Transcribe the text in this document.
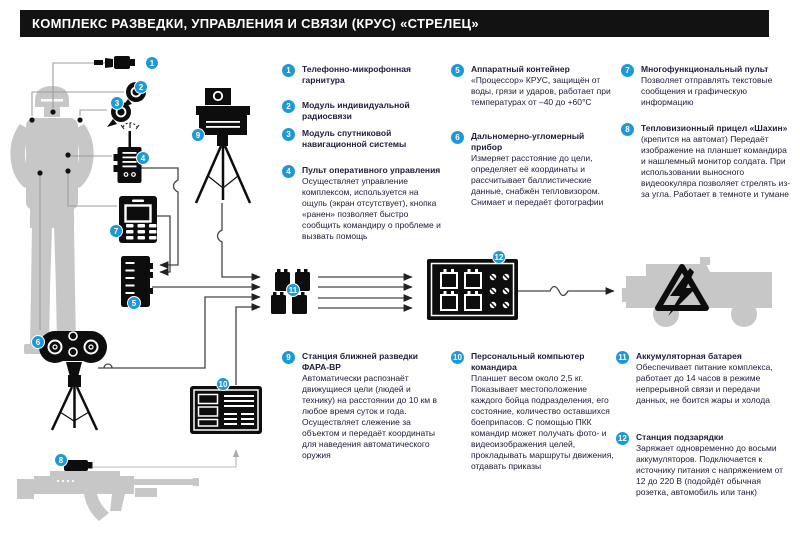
КОМПЛЕКС РАЗВЕДКИ, УПРАВЛЕНИЯ И СВЯЗИ (КРУС) «СТРЕЛЕЦ»
1
2
3
4
5
6
7
8
9
10
11
12
1	Телефонно-микрофонная гарнитура
2	Модуль индивидуальной радиосвязи
3	Модуль спутниковой навигационной системы
4	Пульт оперативного управления
Осуществляет управление комплексом, используется на ощупь (экран отсутствует), кнопка «ранен» позволяет быстро сообщить командиру о проблеме и вызвать помощь
5	Аппаратный контейнер
«Процессор» КРУС, защищён от воды, грязи и ударов, работает при температурах от –40 до +60°С
6	Дальномерно-угломерный прибор
Измеряет расстояние до цели, определяет её координаты и рассчитывает баллистические данные, снабжён тепловизором. Снимает и передаёт фотографии
7	Многофункциональный пульт
Позволяет отправлять текстовые сообщения и графическую информацию
8	Тепловизионный прицел «Шахин»
(крепится на автомат) Передаёт изображение на планшет командира и нашлемный монитор солдата. При использовании выносного видеоокуляра позволяет стрелять из-за угла. Работает в темноте и тумане
9	Станция ближней разведки ФАРА-ВР
Автоматически распознаёт движущиеся цели (людей и технику) на расстоянии до 10 км в любое время суток и года. Осуществляет слежение за объектом и передаёт координаты для наведения автоматического оружия
10 Персональный компьютер командира
Планшет весом около 2,5 кг. Показывает местоположение каждого бойца подразделения, его состояние, количество оставшихся боеприпасов. С помощью ПКК командир может получать фото- и видеоизображения целей, прокладывать маршруты движения, отдавать приказы
11 Аккумуляторная батарея
Обеспечивает питание комплекса, работает до 14 часов в режиме непрерывной связи и передачи данных, не боится жары и холода
12 Станция подзарядки
Заряжает одновременно до восьми аккумуляторов. Подключается к источнику питания с напряжением от 12 до 220 В (подойдёт обычная розетка, автомобиль или танк)
